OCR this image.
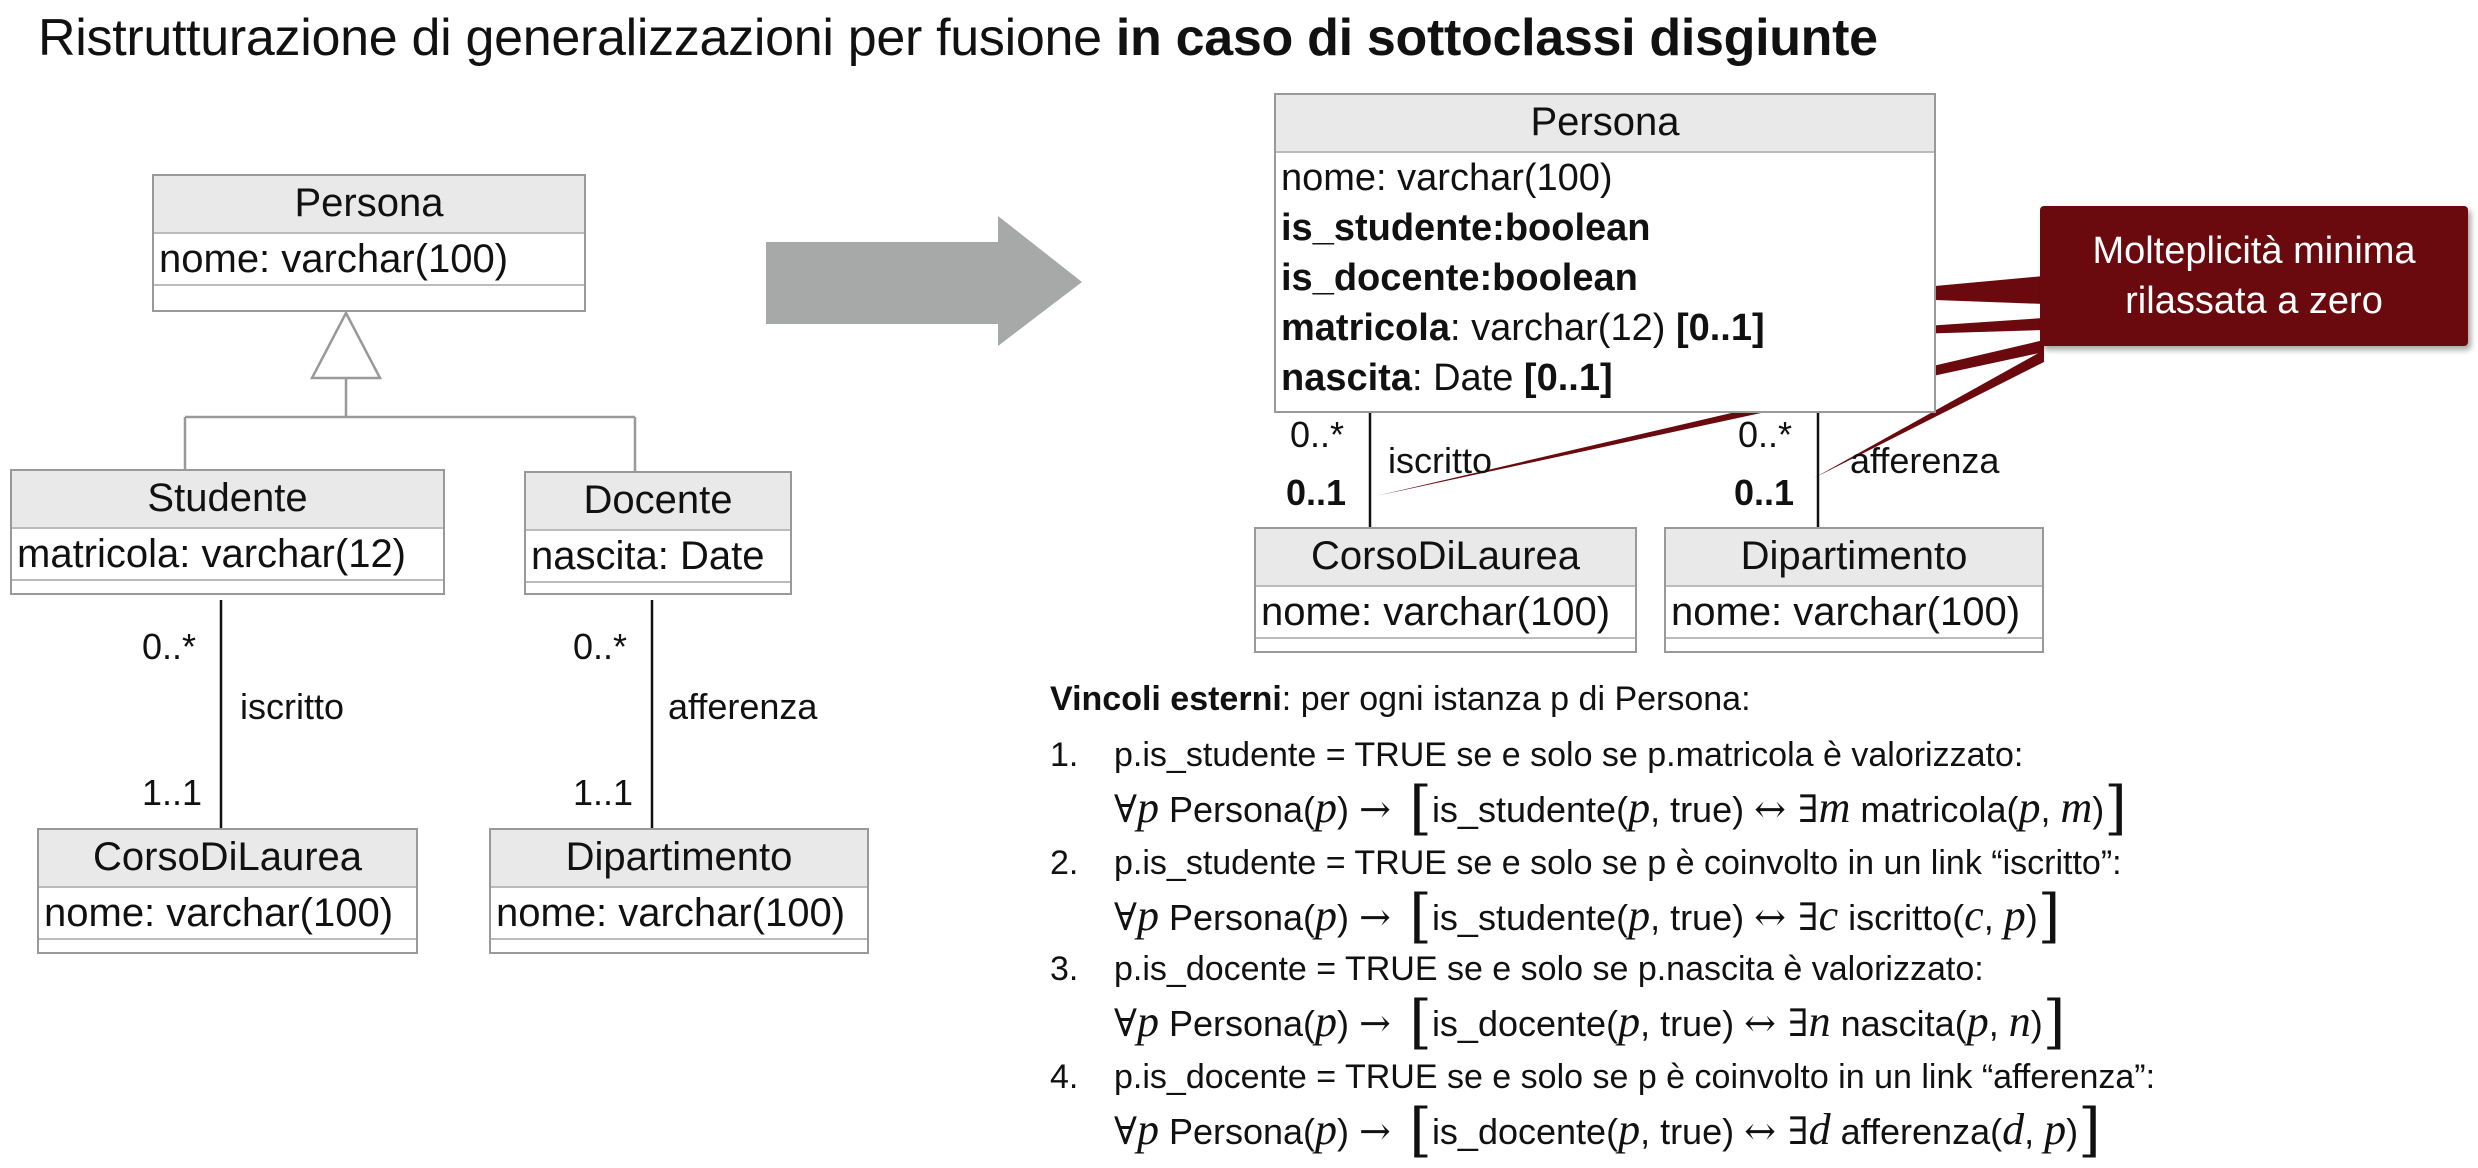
Ristrutturazione di generalizzazioni per fusione in caso di sottoclassi disgiunte
Persona
nome: varchar(100)
Studente
matricola: varchar(12)
Docente
nascita: Date
0..*
iscritto
1..1
0..*
afferenza
1..1
CorsoDiLaurea
nome: varchar(100)
Dipartimento
nome: varchar(100)
Persona
nome: varchar(100)
is_studente:boolean
is_docente:boolean
matricola: varchar(12) [0..1]
nascita: Date [0..1]
0..*
iscritto
0..1
0..*
afferenza
0..1
CorsoDiLaurea
nome: varchar(100)
Dipartimento
nome: varchar(100)
Molteplicità minima
rilassata a zero
Vincoli esterni: per ogni istanza p di Persona:
1. p.is_studente = TRUE se e solo se p.matricola è valorizzato:
∀p Persona(p) → [is_studente(p, true) ↔ ∃m matricola(p, m)]
2. p.is_studente = TRUE se e solo se p è coinvolto in un link “iscritto”:
∀p Persona(p) → [is_studente(p, true) ↔ ∃c iscritto(c, p)]
3. p.is_docente = TRUE se e solo se p.nascita è valorizzato:
∀p Persona(p) → [is_docente(p, true) ↔ ∃n nascita(p, n)]
4. p.is_docente = TRUE se e solo se p è coinvolto in un link “afferenza”:
∀p Persona(p) → [is_docente(p, true) ↔ ∃d afferenza(d, p)]
